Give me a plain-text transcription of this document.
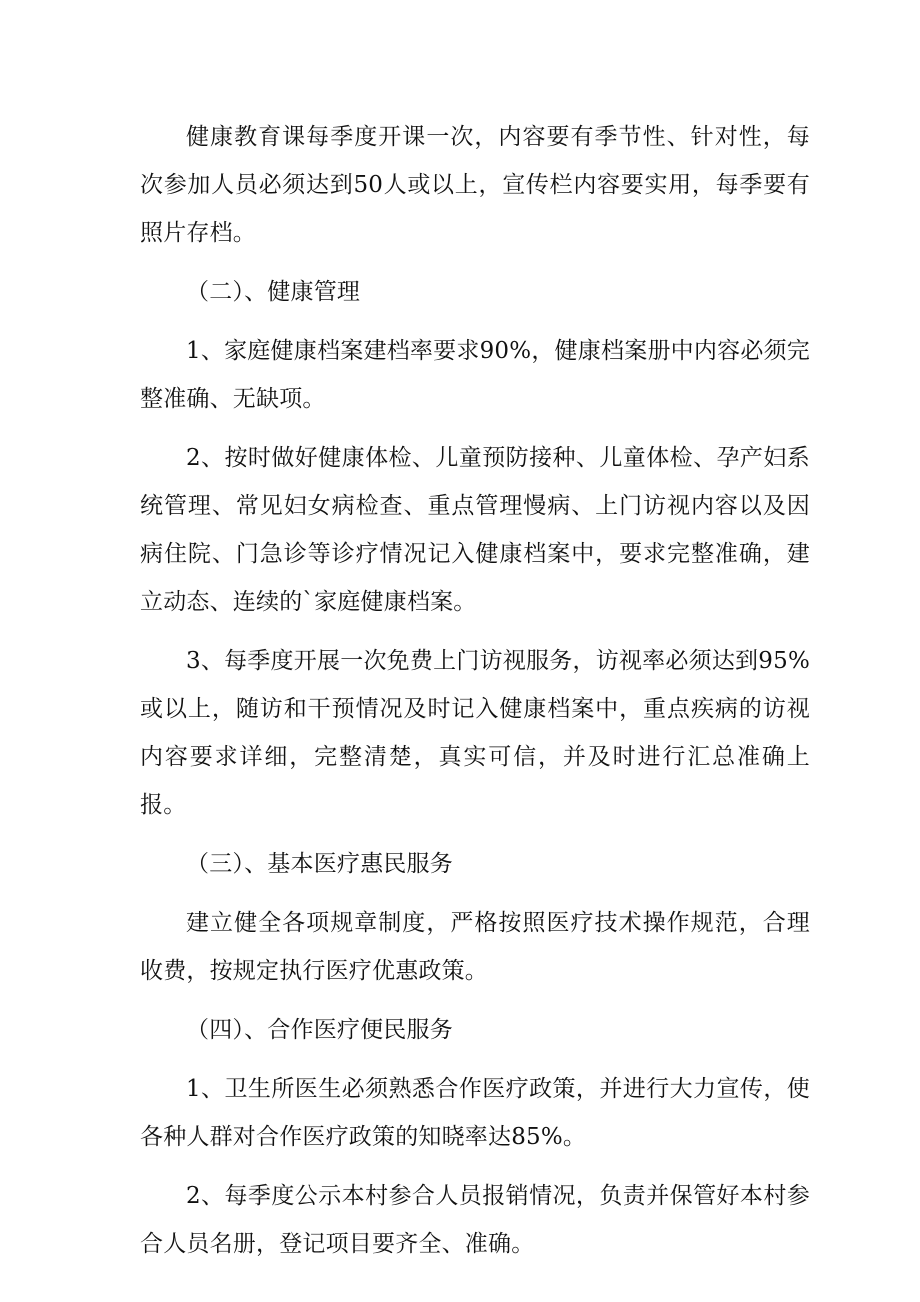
健康教育课每季度开课一次，内容要有季节性、针对性，每次参加人员必须达到50人或以上，宣传栏内容要实用，每季要有照片存档。

（二）、健康管理

1、家庭健康档案建档率要求90%，健康档案册中内容必须完整准确、无缺项。

2、按时做好健康体检、儿童预防接种、儿童体检、孕产妇系统管理、常见妇女病检查、重点管理慢病、上门访视内容以及因病住院、门急诊等诊疗情况记入健康档案中，要求完整准确，建立动态、连续的`家庭健康档案。

3、每季度开展一次免费上门访视服务，访视率必须达到95%或以上，随访和干预情况及时记入健康档案中，重点疾病的访视内容要求详细，完整清楚，真实可信，并及时进行汇总准确上报。

（三）、基本医疗惠民服务

建立健全各项规章制度，严格按照医疗技术操作规范，合理收费，按规定执行医疗优惠政策。

（四）、合作医疗便民服务

1、卫生所医生必须熟悉合作医疗政策，并进行大力宣传，使各种人群对合作医疗政策的知晓率达85%。

2、每季度公示本村参合人员报销情况，负责并保管好本村参合人员名册，登记项目要齐全、准确。
